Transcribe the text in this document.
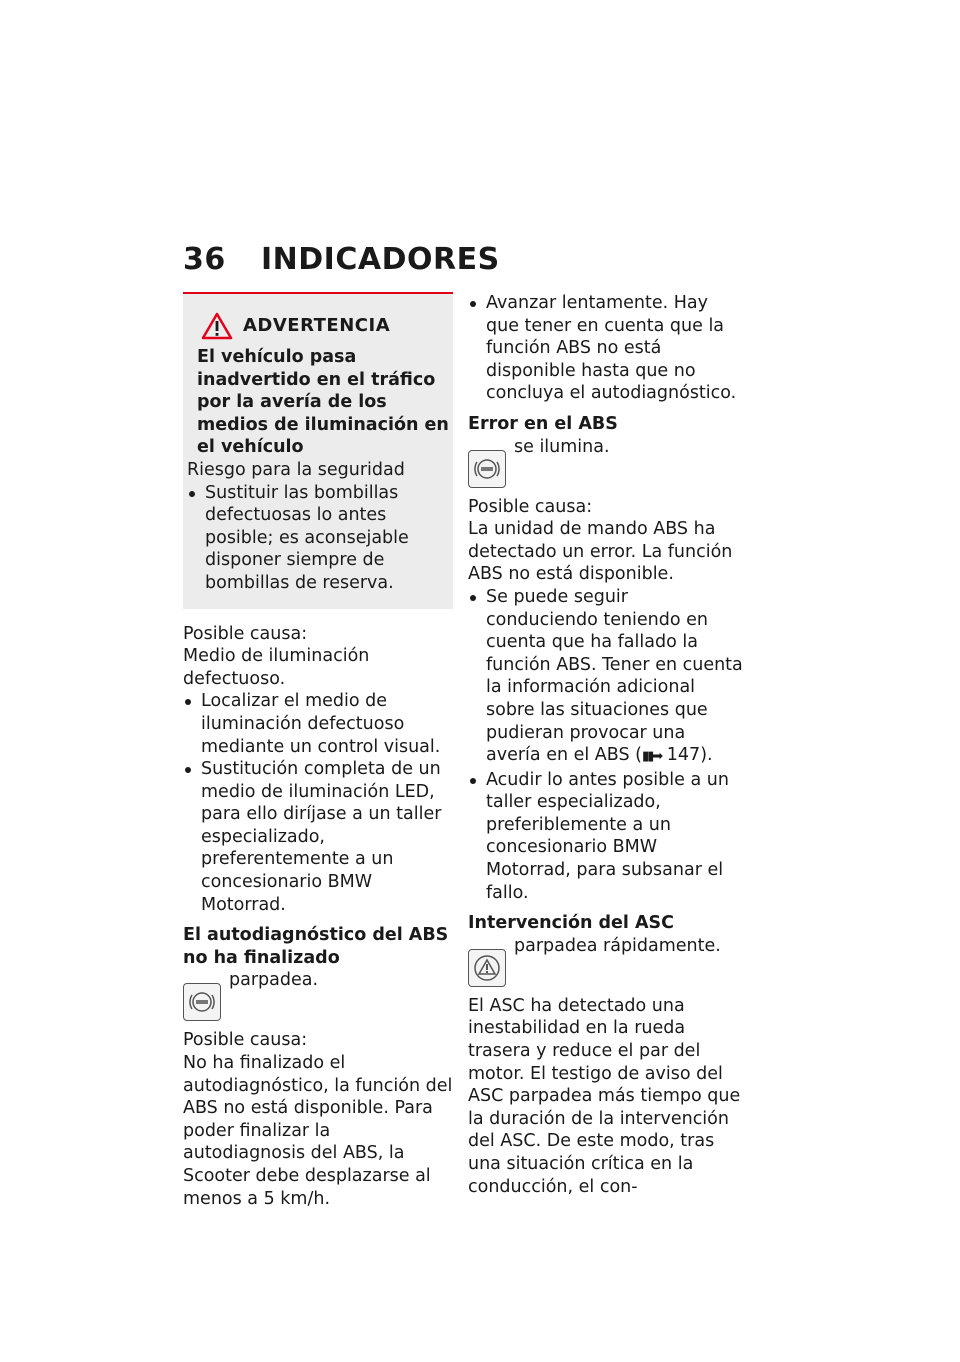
36 INDICADORES
ADVERTENCIA
El vehículo pasa inadvertido en el tráfico por la avería de los medios de iluminación en el vehículo
Riesgo para la seguridad
Sustituir las bombillas defectuosas lo antes posible; es aconsejable disponer siempre de bombillas de reserva.
Posible causa:
Medio de iluminación defectuoso.
Localizar el medio de iluminación defectuoso mediante un control visual.
Sustitución completa de un medio de iluminación LED, para ello diríjase a un taller especializado, preferentemente a un concesionario BMW Motorrad.
El autodiagnóstico del ABS no ha finalizado
parpadea.
Posible causa:
No ha finalizado el autodiagnóstico, la función del ABS no está disponible. Para poder finalizar la autodiagnosis del ABS, la Scooter debe desplazarse al menos a 5 km/h.
Avanzar lentamente. Hay que tener en cuenta que la función ABS no está disponible hasta que no concluya el autodiagnóstico.
Error en el ABS
se ilumina.
Posible causa:
La unidad de mando ABS ha detectado un error. La función ABS no está disponible.
Se puede seguir conduciendo teniendo en cuenta que ha fallado la función ABS. Tener en cuenta la información adicional sobre las situaciones que pudieran provocar una avería en el ABS (▮▮➡ 147).
Acudir lo antes posible a un taller especializado, preferiblemente a un concesionario BMW Motorrad, para subsanar el fallo.
Intervención del ASC
parpadea rápidamente.
El ASC ha detectado una inestabilidad en la rueda trasera y reduce el par del motor. El testigo de aviso del ASC parpadea más tiempo que la duración de la intervención del ASC. De este modo, tras una situación crítica en la conducción, el con-
